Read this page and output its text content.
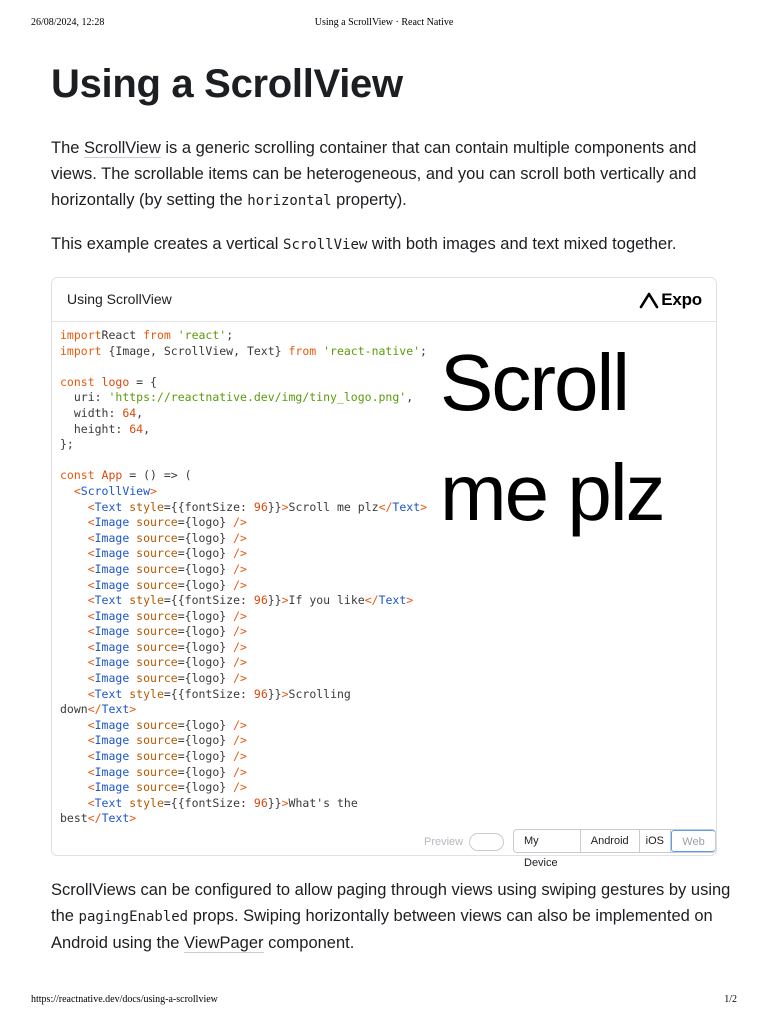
26/08/2024, 12:28	Using a ScrollView · React Native
Using a ScrollView

The ScrollView is a generic scrolling container that can contain multiple components and views. The scrollable items can be heterogeneous, and you can scroll both vertically and horizontally (by setting the horizontal property).

This example creates a vertical ScrollView with both images and text mixed together.

Using ScrollView	Expo
importReact from 'react';
import {Image, ScrollView, Text} from 'react-native';
const logo = {
uri: 'https://reactnative.dev/img/tiny_logo.png',
width: 64,
height: 64,
};
const App = () => (
<ScrollView>
<Text style={{fontSize: 96}}>Scroll me plz</Text>
<Image source={logo} />
<Image source={logo} />
<Image source={logo} />
<Image source={logo} />
<Image source={logo} />
<Text style={{fontSize: 96}}>If you like</Text>
<Image source={logo} />
<Image source={logo} />
<Image source={logo} />
<Image source={logo} />
<Image source={logo} />
<Text style={{fontSize: 96}}>Scrolling
down</Text>
<Image source={logo} />
<Image source={logo} />
<Image source={logo} />
<Image source={logo} />
<Image source={logo} />
<Text style={{fontSize: 96}}>What's the
best</Text>
Scroll me plz
Preview	My Device
Android	iOS	Web

ScrollViews can be configured to allow paging through views using swiping gestures by using the pagingEnabled props. Swiping horizontally between views can also be implemented on Android using the ViewPager component.

https://reactnative.dev/docs/using-a-scrollview	1/2
